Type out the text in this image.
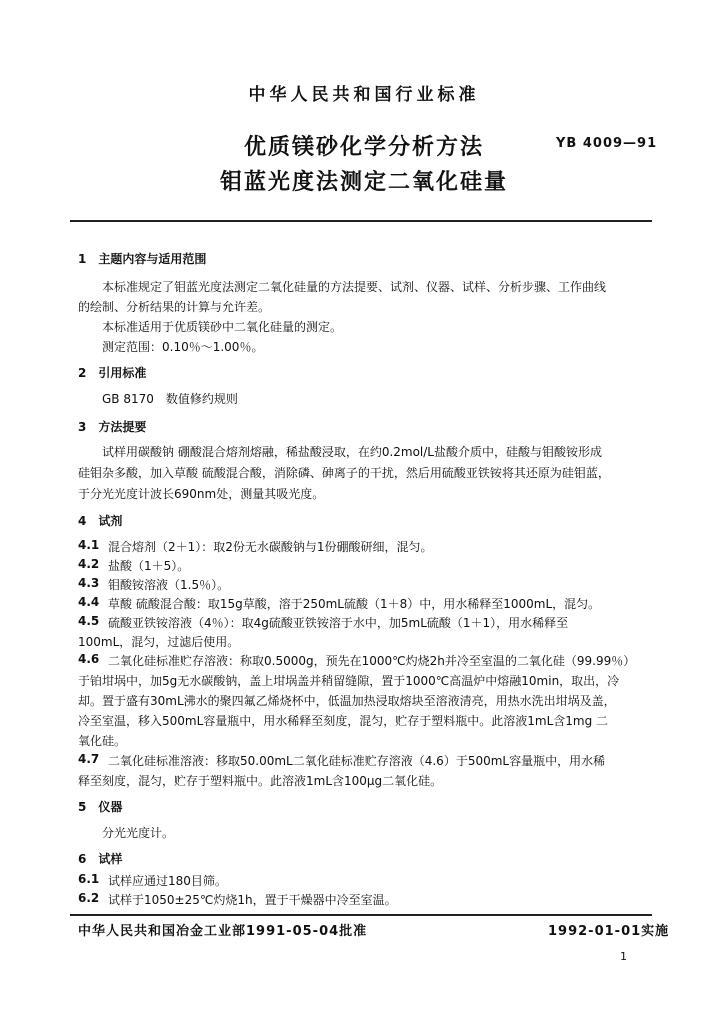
中华人民共和国行业标准
优质镁砂化学分析方法
钼蓝光度法测定二氧化硅量
YB 4009—91
1　主题内容与适用范围
本标准规定了钼蓝光度法测定二氧化硅量的方法提要、试剂、仪器、试样、分析步骤、工作曲线
的绘制、分析结果的计算与允许差。
本标准适用于优质镁砂中二氧化硅量的测定。
测定范围：0.10％～1.00％。
2　引用标准
GB 8170　数值修约规则
3　方法提要
试样用碳酸钠 硼酸混合熔剂熔融，稀盐酸浸取，在约0.2mol/L盐酸介质中，硅酸与钼酸铵形成
硅钼杂多酸，加入草酸 硫酸混合酸，消除磷、砷离子的干扰，然后用硫酸亚铁铵将其还原为硅钼蓝，
于分光光度计波长690nm处，测量其吸光度。
4　试剂
4.1 混合熔剂（2＋1）：取2份无水碳酸钠与1份硼酸研细，混匀。
4.2 盐酸（1＋5）。
4.3 钼酸铵溶液（1.5％）。
4.4 草酸 硫酸混合酸：取15g草酸，溶于250mL硫酸（1＋8）中，用水稀释至1000mL，混匀。
4.5 硫酸亚铁铵溶液（4％）：取4g硫酸亚铁铵溶于水中，加5mL硫酸（1＋1），用水稀释至
100mL，混匀，过滤后使用。
4.6 二氧化硅标准贮存溶液：称取0.5000g，预先在1000℃灼烧2h并冷至室温的二氧化硅（99.99％）
于铂坩埚中，加5g无水碳酸钠，盖上坩埚盖并稍留缝隙，置于1000℃高温炉中熔融10min，取出，冷
却。置于盛有30mL沸水的聚四氟乙烯烧杯中，低温加热浸取熔块至溶液清亮，用热水洗出坩埚及盖，
冷至室温，移入500mL容量瓶中，用水稀释至刻度，混匀，贮存于塑料瓶中。此溶液1mL含1mg 二
氧化硅。
4.7 二氧化硅标准溶液：移取50.00mL二氧化硅标准贮存溶液（4.6）于500mL容量瓶中，用水稀
释至刻度，混匀，贮存于塑料瓶中。此溶液1mL含100μg二氧化硅。
5　仪器
分光光度计。
6　试样
6.1 试样应通过180目筛。
6.2 试样于1050±25℃灼烧1h，置于干燥器中冷至室温。
中华人民共和国冶金工业部1991-05-04批准	1992-01-01实施
1
